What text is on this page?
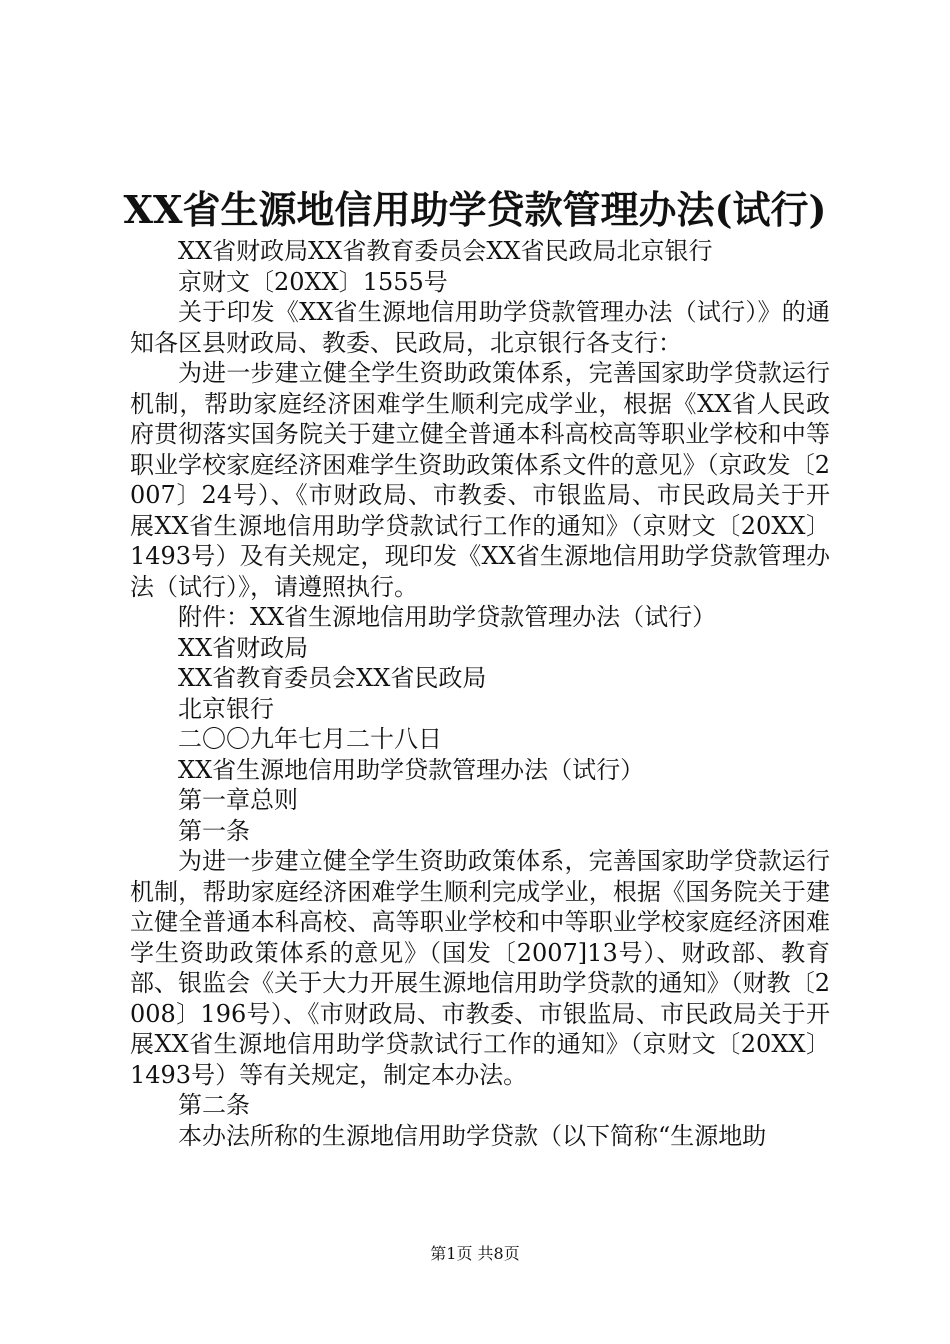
XX省生源地信用助学贷款管理办法(试行)

XX省财政局XX省教育委员会XX省民政局北京银行

京财文〔20XX〕1555号

关于印发《XX省生源地信用助学贷款管理办法（试行）》的通知各区县财政局、教委、民政局，北京银行各支行：

为进一步建立健全学生资助政策体系，完善国家助学贷款运行机制，帮助家庭经济困难学生顺利完成学业，根据《XX省人民政府贯彻落实国务院关于建立健全普通本科高校高等职业学校和中等职业学校家庭经济困难学生资助政策体系文件的意见》（京政发〔2007〕24号）、《市财政局、市教委、市银监局、市民政局关于开展XX省生源地信用助学贷款试行工作的通知》（京财文〔20XX〕1493号）及有关规定，现印发《XX省生源地信用助学贷款管理办法（试行）》，请遵照执行。

附件：XX省生源地信用助学贷款管理办法（试行）

XX省财政局

XX省教育委员会XX省民政局

北京银行

二〇〇九年七月二十八日

XX省生源地信用助学贷款管理办法（试行）

第一章总则

第一条

为进一步建立健全学生资助政策体系，完善国家助学贷款运行机制，帮助家庭经济困难学生顺利完成学业，根据《国务院关于建立健全普通本科高校、高等职业学校和中等职业学校家庭经济困难学生资助政策体系的意见》（国发〔2007]13号）、财政部、教育部、银监会《关于大力开展生源地信用助学贷款的通知》（财教〔2008〕196号）、《市财政局、市教委、市银监局、市民政局关于开展XX省生源地信用助学贷款试行工作的通知》（京财文〔20XX〕1493号）等有关规定，制定本办法。

第二条

本办法所称的生源地信用助学贷款（以下简称“生源地助

第1页 共8页
